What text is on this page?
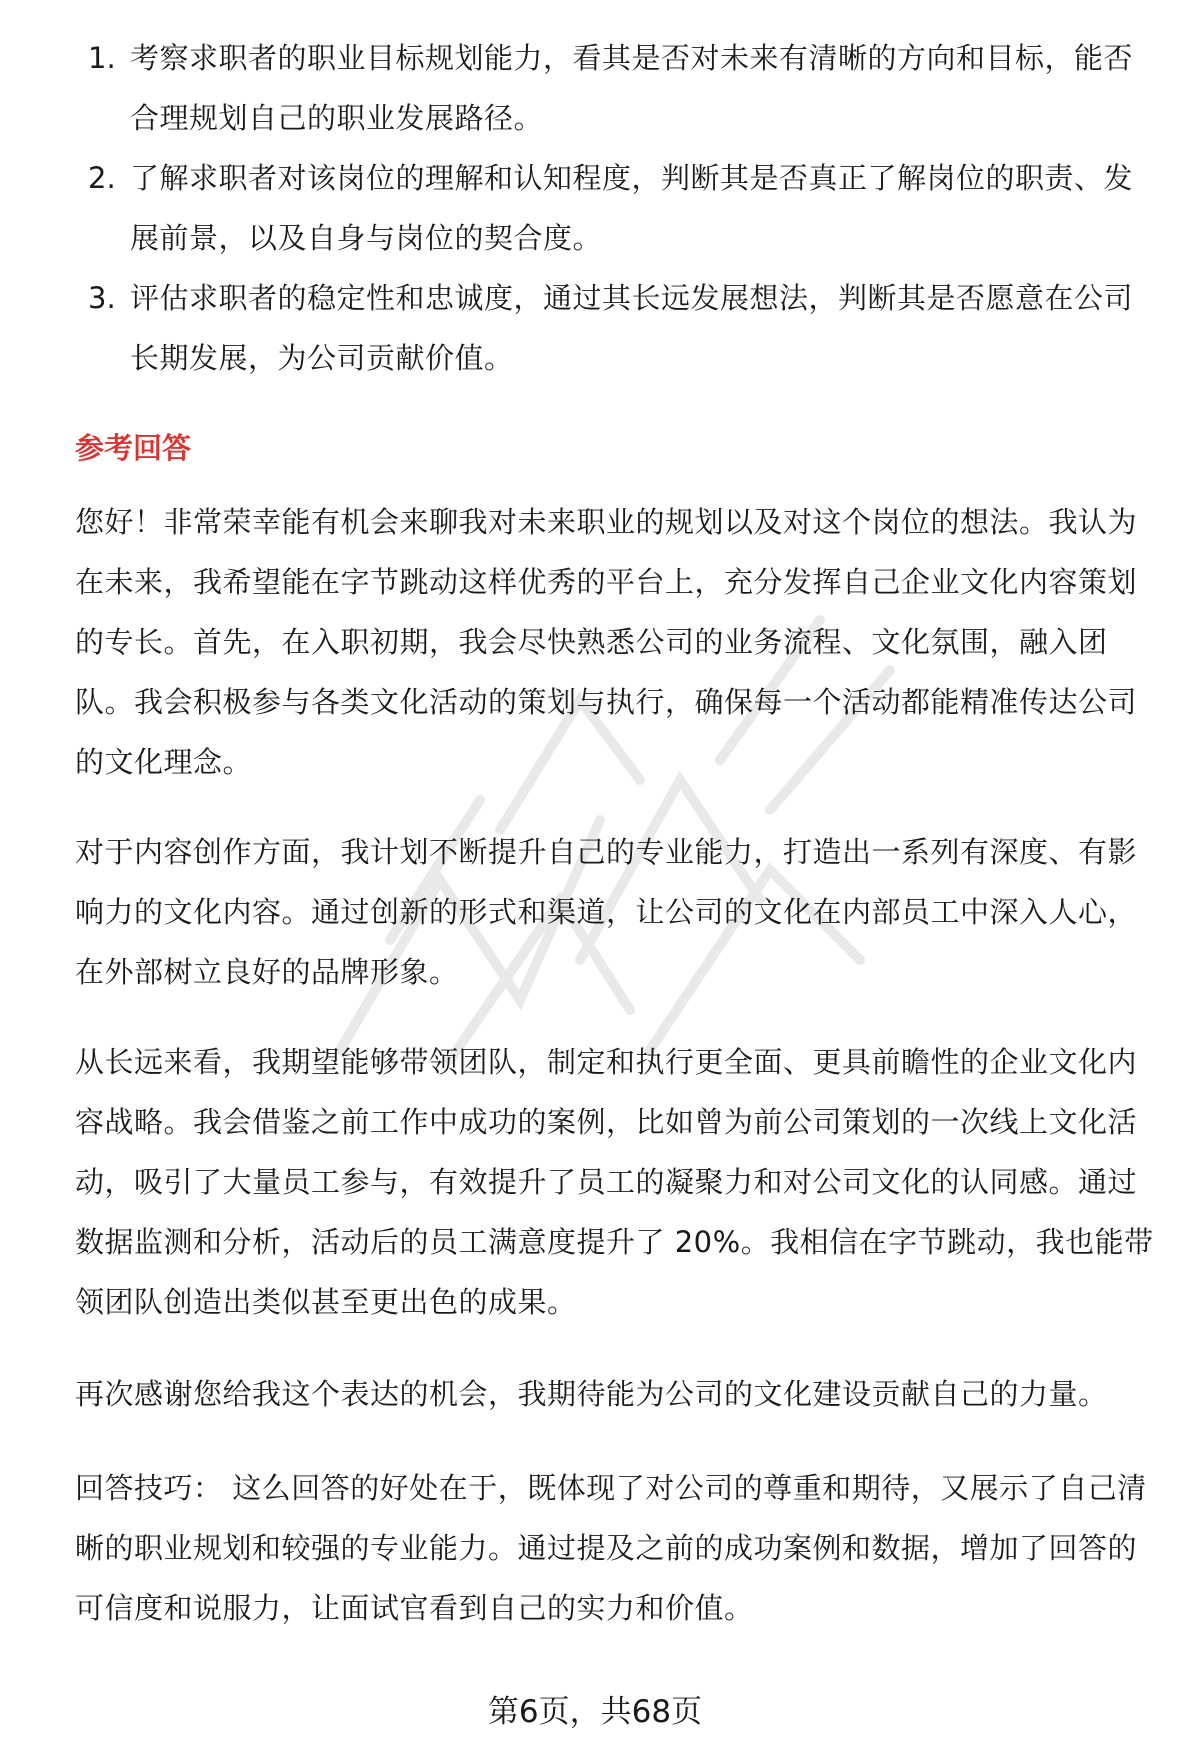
1. 考察求职者的职业目标规划能力，看其是否对未来有清晰的方向和目标，能否合理规划自己的职业发展路径。
2. 了解求职者对该岗位的理解和认知程度，判断其是否真正了解岗位的职责、发展前景，以及自身与岗位的契合度。
3. 评估求职者的稳定性和忠诚度，通过其长远发展想法，判断其是否愿意在公司长期发展，为公司贡献价值。
参考回答

您好！非常荣幸能有机会来聊我对未来职业的规划以及对这个岗位的想法。我认为在未来，我希望能在字节跳动这样优秀的平台上，充分发挥自己企业文化内容策划的专长。首先，在入职初期，我会尽快熟悉公司的业务流程、文化氛围，融入团队。我会积极参与各类文化活动的策划与执行，确保每一个活动都能精准传达公司的文化理念。

对于内容创作方面，我计划不断提升自己的专业能力，打造出一系列有深度、有影响力的文化内容。通过创新的形式和渠道，让公司的文化在内部员工中深入人心，在外部树立良好的品牌形象。

从长远来看，我期望能够带领团队，制定和执行更全面、更具前瞻性的企业文化内容战略。我会借鉴之前工作中成功的案例，比如曾为前公司策划的一次线上文化活动，吸引了大量员工参与，有效提升了员工的凝聚力和对公司文化的认同感。通过数据监测和分析，活动后的员工满意度提升了 20%。我相信在字节跳动，我也能带领团队创造出类似甚至更出色的成果。

再次感谢您给我这个表达的机会，我期待能为公司的文化建设贡献自己的力量。

回答技巧： 这么回答的好处在于，既体现了对公司的尊重和期待，又展示了自己清晰的职业规划和较强的专业能力。通过提及之前的成功案例和数据，增加了回答的可信度和说服力，让面试官看到自己的实力和价值。

第6页，共68页
